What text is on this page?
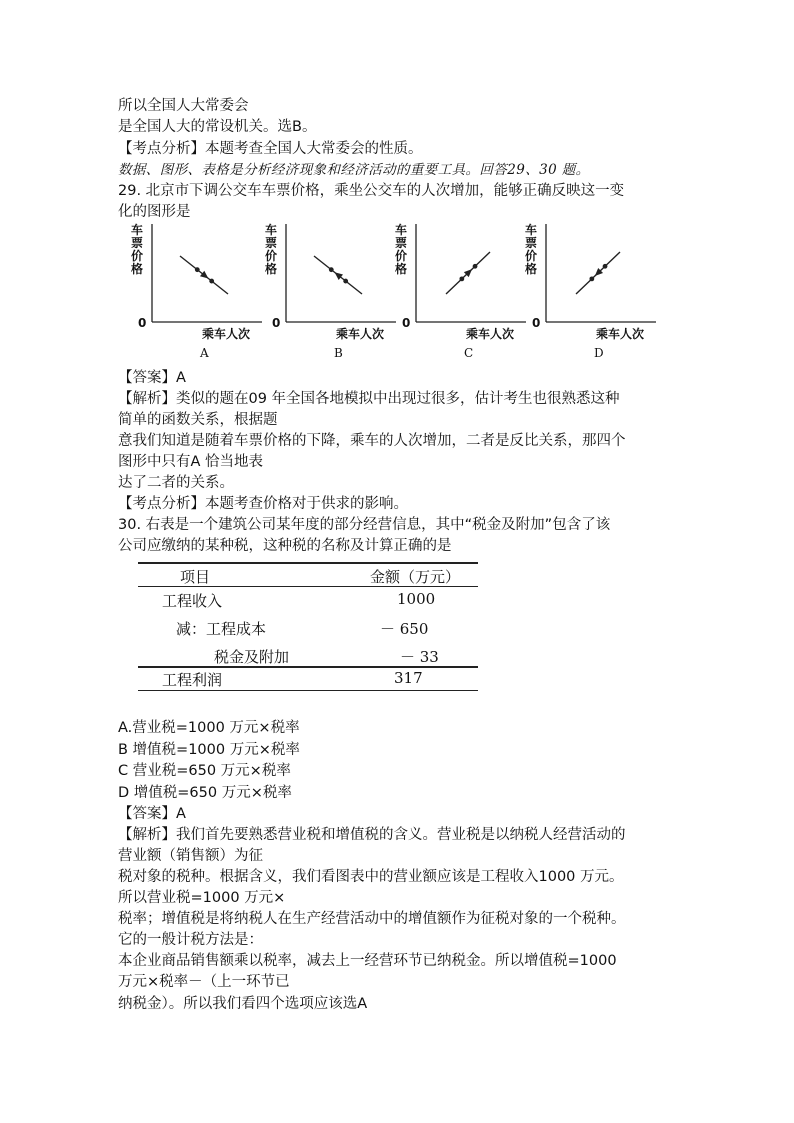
所以全国人大常委会
是全国人大的常设机关。选B。
【考点分析】本题考查全国人大常委会的性质。
数据、图形、表格是分析经济现象和经济活动的重要工具。回答29、30 题。
29. 北京市下调公交车车票价格，乘坐公交车的人次增加，能够正确反映这一变
化的图形是
车
票
价
格
0
乘车人次
A
车
票
价
格
0
乘车人次
B
车
票
价
格
0
乘车人次
C
车
票
价
格
0
乘车人次
D
【答案】A
【解析】类似的题在09 年全国各地模拟中出现过很多，估计考生也很熟悉这种
简单的函数关系，根据题
意我们知道是随着车票价格的下降，乘车的人次增加，二者是反比关系，那四个
图形中只有A 恰当地表
达了二者的关系。
【考点分析】本题考查价格对于供求的影响。
30. 右表是一个建筑公司某年度的部分经营信息，其中“税金及附加”包含了该
公司应缴纳的某种税，这种税的名称及计算正确的是
项目	金额（万元）
工程收入	1000
减：工程成本	－ 650
税金及附加	－ 33
工程利润	317
A.营业税=1000 万元×税率
B 增值税=1000 万元×税率
C 营业税=650 万元×税率
D 增值税=650 万元×税率
【答案】A
【解析】我们首先要熟悉营业税和增值税的含义。营业税是以纳税人经营活动的
营业额（销售额）为征
税对象的税种。根据含义，我们看图表中的营业额应该是工程收入1000 万元。
所以营业税=1000 万元×
税率；增值税是将纳税人在生产经营活动中的增值额作为征税对象的一个税种。
它的一般计税方法是：
本企业商品销售额乘以税率，减去上一经营环节已纳税金。所以增值税=1000
万元×税率－（上一环节已
纳税金）。所以我们看四个选项应该选A
